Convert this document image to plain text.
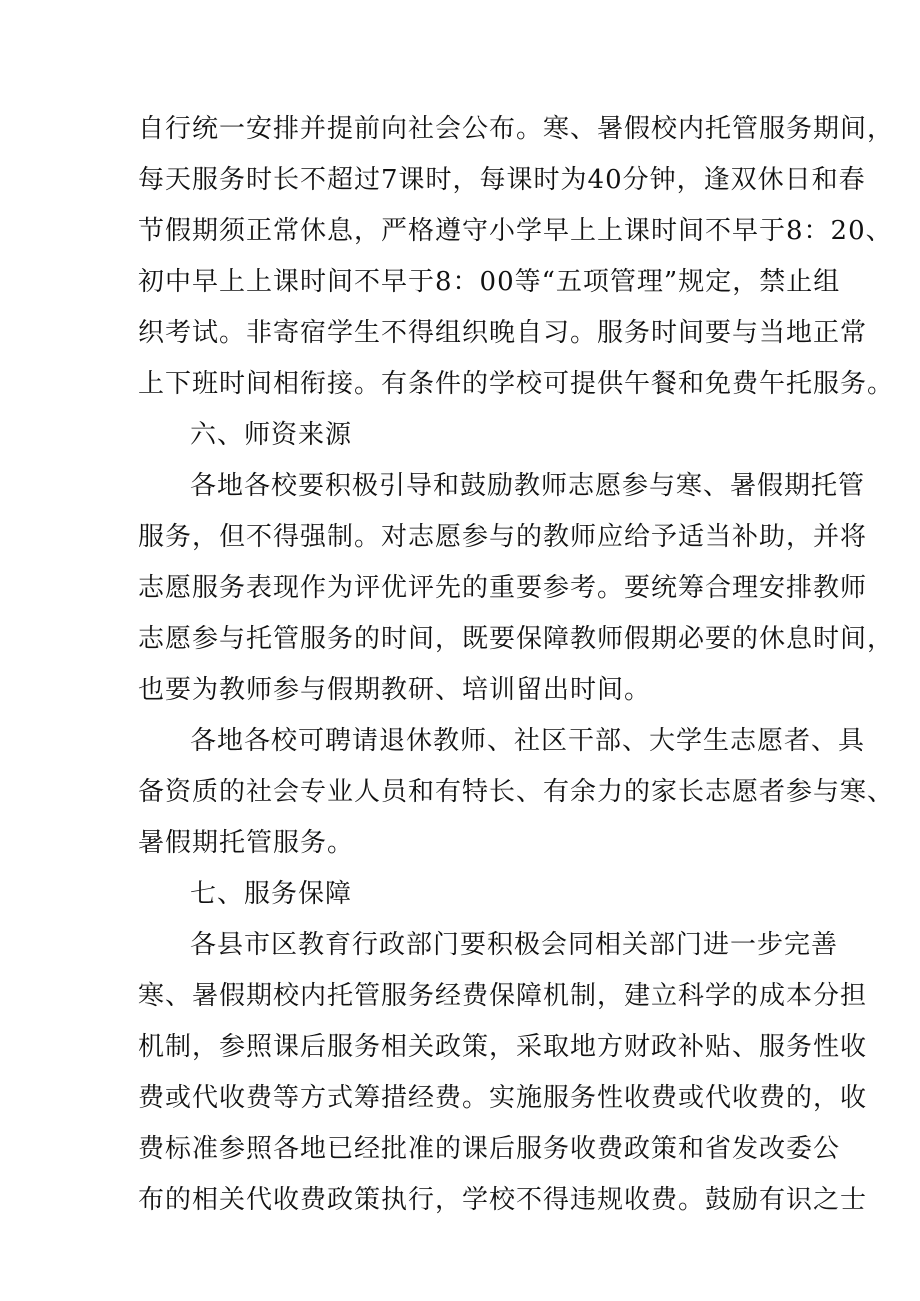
自行统一安排并提前向社会公布。寒、暑假校内托管服务期间，
每天服务时长不超过7课时，每课时为40分钟，逢双休日和春
节假期须正常休息，严格遵守小学早上上课时间不早于8：20、
初中早上上课时间不早于8：00等“五项管理”规定，禁止组
织考试。非寄宿学生不得组织晚自习。服务时间要与当地正常
上下班时间相衔接。有条件的学校可提供午餐和免费午托服务。
六、师资来源
各地各校要积极引导和鼓励教师志愿参与寒、暑假期托管
服务，但不得强制。对志愿参与的教师应给予适当补助，并将
志愿服务表现作为评优评先的重要参考。要统筹合理安排教师
志愿参与托管服务的时间，既要保障教师假期必要的休息时间，
也要为教师参与假期教研、培训留出时间。
各地各校可聘请退休教师、社区干部、大学生志愿者、具
备资质的社会专业人员和有特长、有余力的家长志愿者参与寒、
暑假期托管服务。
七、服务保障
各县市区教育行政部门要积极会同相关部门进一步完善
寒、暑假期校内托管服务经费保障机制，建立科学的成本分担
机制，参照课后服务相关政策，采取地方财政补贴、服务性收
费或代收费等方式筹措经费。实施服务性收费或代收费的，收
费标准参照各地已经批准的课后服务收费政策和省发改委公
布的相关代收费政策执行，学校不得违规收费。鼓励有识之士
